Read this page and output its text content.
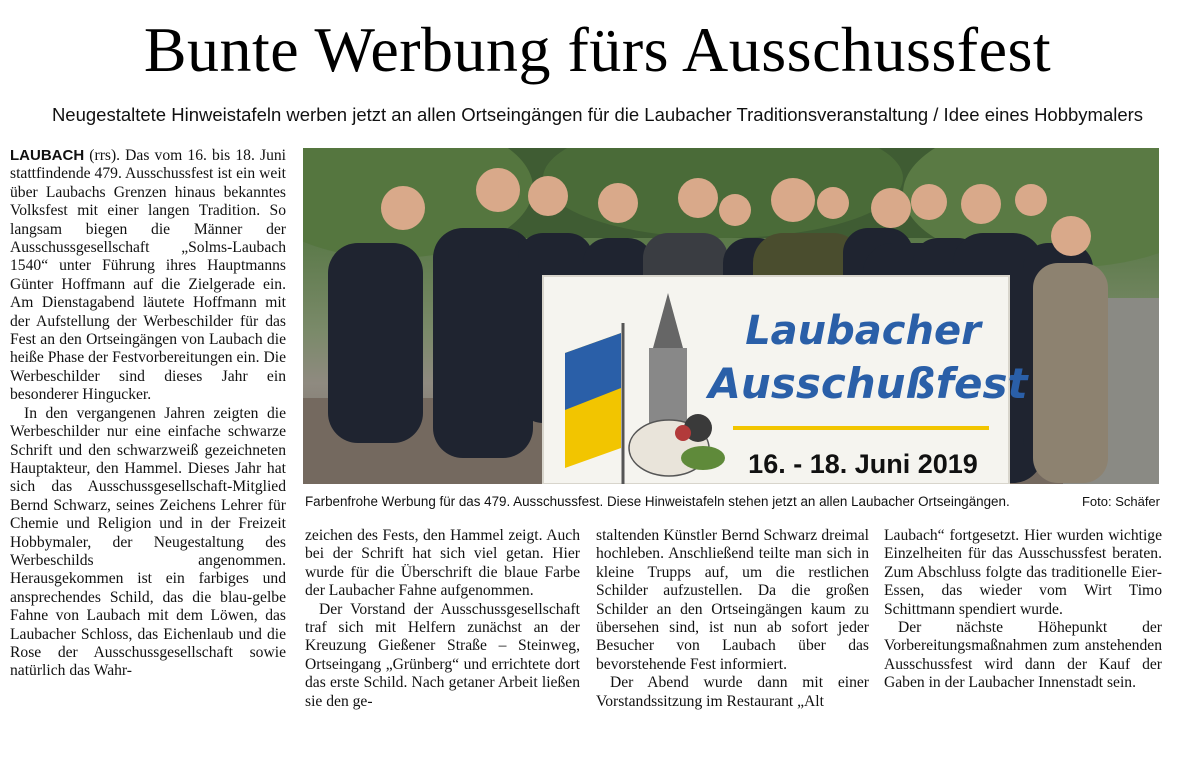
Bunte Werbung fürs Ausschussfest
Neugestaltete Hinweistafeln werben jetzt an allen Ortseingängen für die Laubacher Traditionsveranstaltung / Idee eines Hobbymalers

LAUBACH (rrs). Das vom 16. bis 18. Juni stattfindende 479. Ausschussfest ist ein weit über Laubachs Grenzen hinaus bekanntes Volksfest mit einer langen Tradition. So langsam biegen die Männer der Ausschussgesellschaft „Solms-Laubach 1540“ unter Führung ihres Hauptmanns Günter Hoffmann auf die Zielgerade ein. Am Dienstagabend läutete Hoffmann mit der Aufstellung der Werbeschilder für das Fest an den Ortseingängen von Laubach die heiße Phase der Festvorbereitungen ein. Die Werbeschilder sind dieses Jahr ein besonderer Hingucker.

In den vergangenen Jahren zeigten die Werbeschilder nur eine einfache schwarze Schrift und den schwarzweiß gezeichneten Hauptakteur, den Hammel. Dieses Jahr hat sich das Ausschussgesellschaft-Mitglied Bernd Schwarz, seines Zeichens Lehrer für Chemie und Religion und in der Freizeit Hobbymaler, der Neugestaltung des Werbeschilds angenommen. Herausgekommen ist ein farbiges und ansprechendes Schild, das die blau-gelbe Fahne von Laubach mit dem Löwen, das Laubacher Schloss, das Eichenlaub und die Rose der Ausschussgesellschaft sowie natürlich das Wahr-

Laubacher
Ausschußfest
16. - 18. Juni 2019
Farbenfrohe Werbung für das 479. Ausschussfest. Diese Hinweistafeln stehen jetzt an allen Laubacher Ortseingängen.	Foto: Schäfer

zeichen des Fests, den Hammel zeigt. Auch bei der Schrift hat sich viel getan. Hier wurde für die Überschrift die blaue Farbe der Laubacher Fahne aufgenommen.

Der Vorstand der Ausschussgesellschaft traf sich mit Helfern zunächst an der Kreuzung Gießener Straße – Steinweg, Ortseingang „Grünberg“ und errichtete dort das erste Schild. Nach getaner Arbeit ließen sie den ge-

staltenden Künstler Bernd Schwarz dreimal hochleben. Anschließend teilte man sich in kleine Trupps auf, um die restlichen Schilder aufzustellen. Da die großen Schilder an den Ortseingängen kaum zu übersehen sind, ist nun ab sofort jeder Besucher von Laubach über das bevorstehende Fest informiert.

Der Abend wurde dann mit einer Vorstandssitzung im Restaurant „Alt

Laubach“ fortgesetzt. Hier wurden wichtige Einzelheiten für das Ausschussfest beraten. Zum Abschluss folgte das traditionelle Eier-Essen, das wieder vom Wirt Timo Schittmann spendiert wurde.

Der nächste Höhepunkt der Vorbereitungsmaßnahmen zum anstehenden Ausschussfest wird dann der Kauf der Gaben in der Laubacher Innenstadt sein.
